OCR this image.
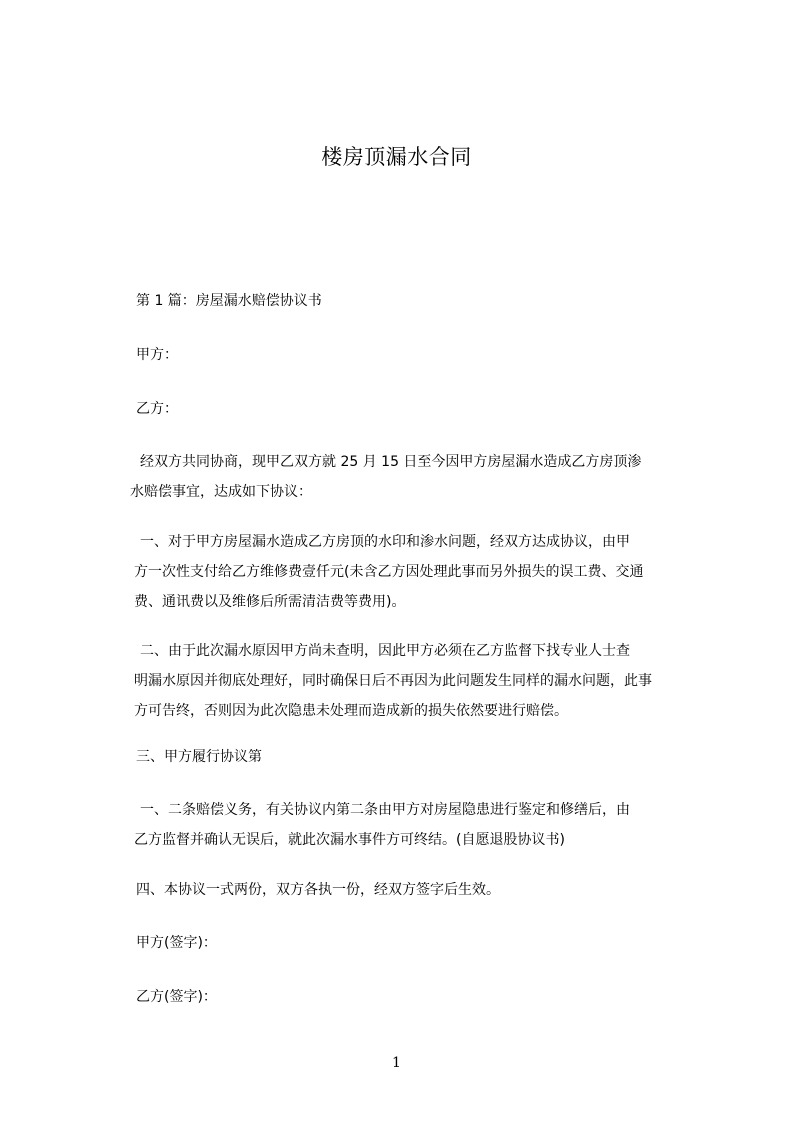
楼房顶漏水合同
第 1 篇：房屋漏水赔偿协议书
甲方：
乙方：
经双方共同协商，现甲乙双方就 25 月 15 日至今因甲方房屋漏水造成乙方房顶渗
水赔偿事宜，达成如下协议：
一、对于甲方房屋漏水造成乙方房顶的水印和渗水问题，经双方达成协议，由甲
方一次性支付给乙方维修费壹仟元(未含乙方因处理此事而另外损失的误工费、交通
费、通讯费以及维修后所需清洁费等费用)。
二、由于此次漏水原因甲方尚未查明，因此甲方必须在乙方监督下找专业人士查
明漏水原因并彻底处理好，同时确保日后不再因为此问题发生同样的漏水问题，此事
方可告终，否则因为此次隐患未处理而造成新的损失依然要进行赔偿。
三、甲方履行协议第
一、二条赔偿义务，有关协议内第二条由甲方对房屋隐患进行鉴定和修缮后，由
乙方监督并确认无误后，就此次漏水事件方可终结。(自愿退股协议书)
四、本协议一式两份，双方各执一份，经双方签字后生效。
甲方(签字)：
乙方(签字)：
1
